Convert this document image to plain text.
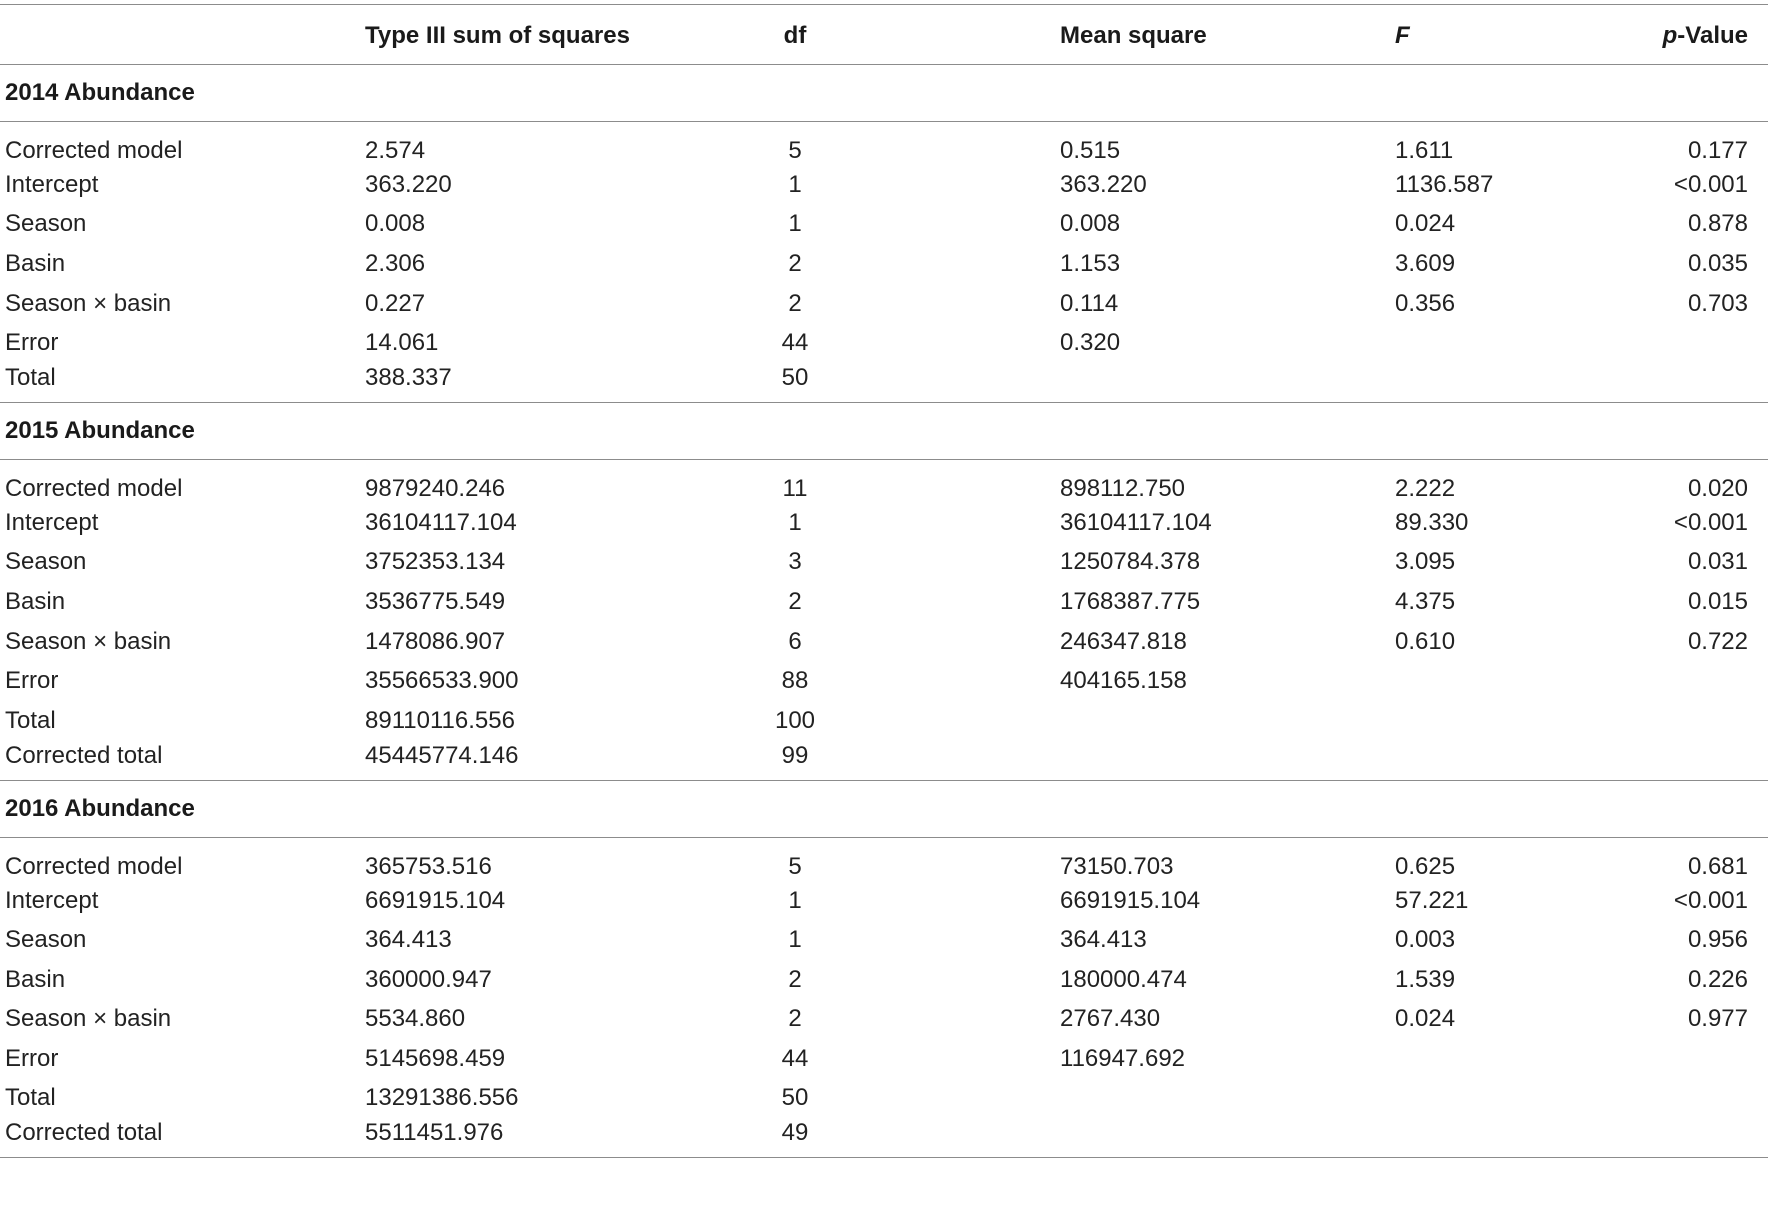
	Type III sum of squares	df	Mean square	F	p-Value
2014 Abundance					

Corrected model	2.574	5	0.515	1.611	0.177
Intercept	363.220	1	363.220	1136.587	<0.001
Season	0.008	1	0.008	0.024	0.878
Basin	2.306	2	1.153	3.609	0.035
Season × basin	0.227	2	0.114	0.356	0.703
Error	14.061	44	0.320		
Total	388.337	50			
2015 Abundance					

Corrected model	9879240.246	11	898112.750	2.222	0.020
Intercept	36104117.104	1	36104117.104	89.330	<0.001
Season	3752353.134	3	1250784.378	3.095	0.031
Basin	3536775.549	2	1768387.775	4.375	0.015
Season × basin	1478086.907	6	246347.818	0.610	0.722
Error	35566533.900	88	404165.158		
Total	89110116.556	100			
Corrected total	45445774.146	99			
2016 Abundance					

Corrected model	365753.516	5	73150.703	0.625	0.681
Intercept	6691915.104	1	6691915.104	57.221	<0.001
Season	364.413	1	364.413	0.003	0.956
Basin	360000.947	2	180000.474	1.539	0.226
Season × basin	5534.860	2	2767.430	0.024	0.977
Error	5145698.459	44	116947.692		
Total	13291386.556	50			
Corrected total	5511451.976	49			
